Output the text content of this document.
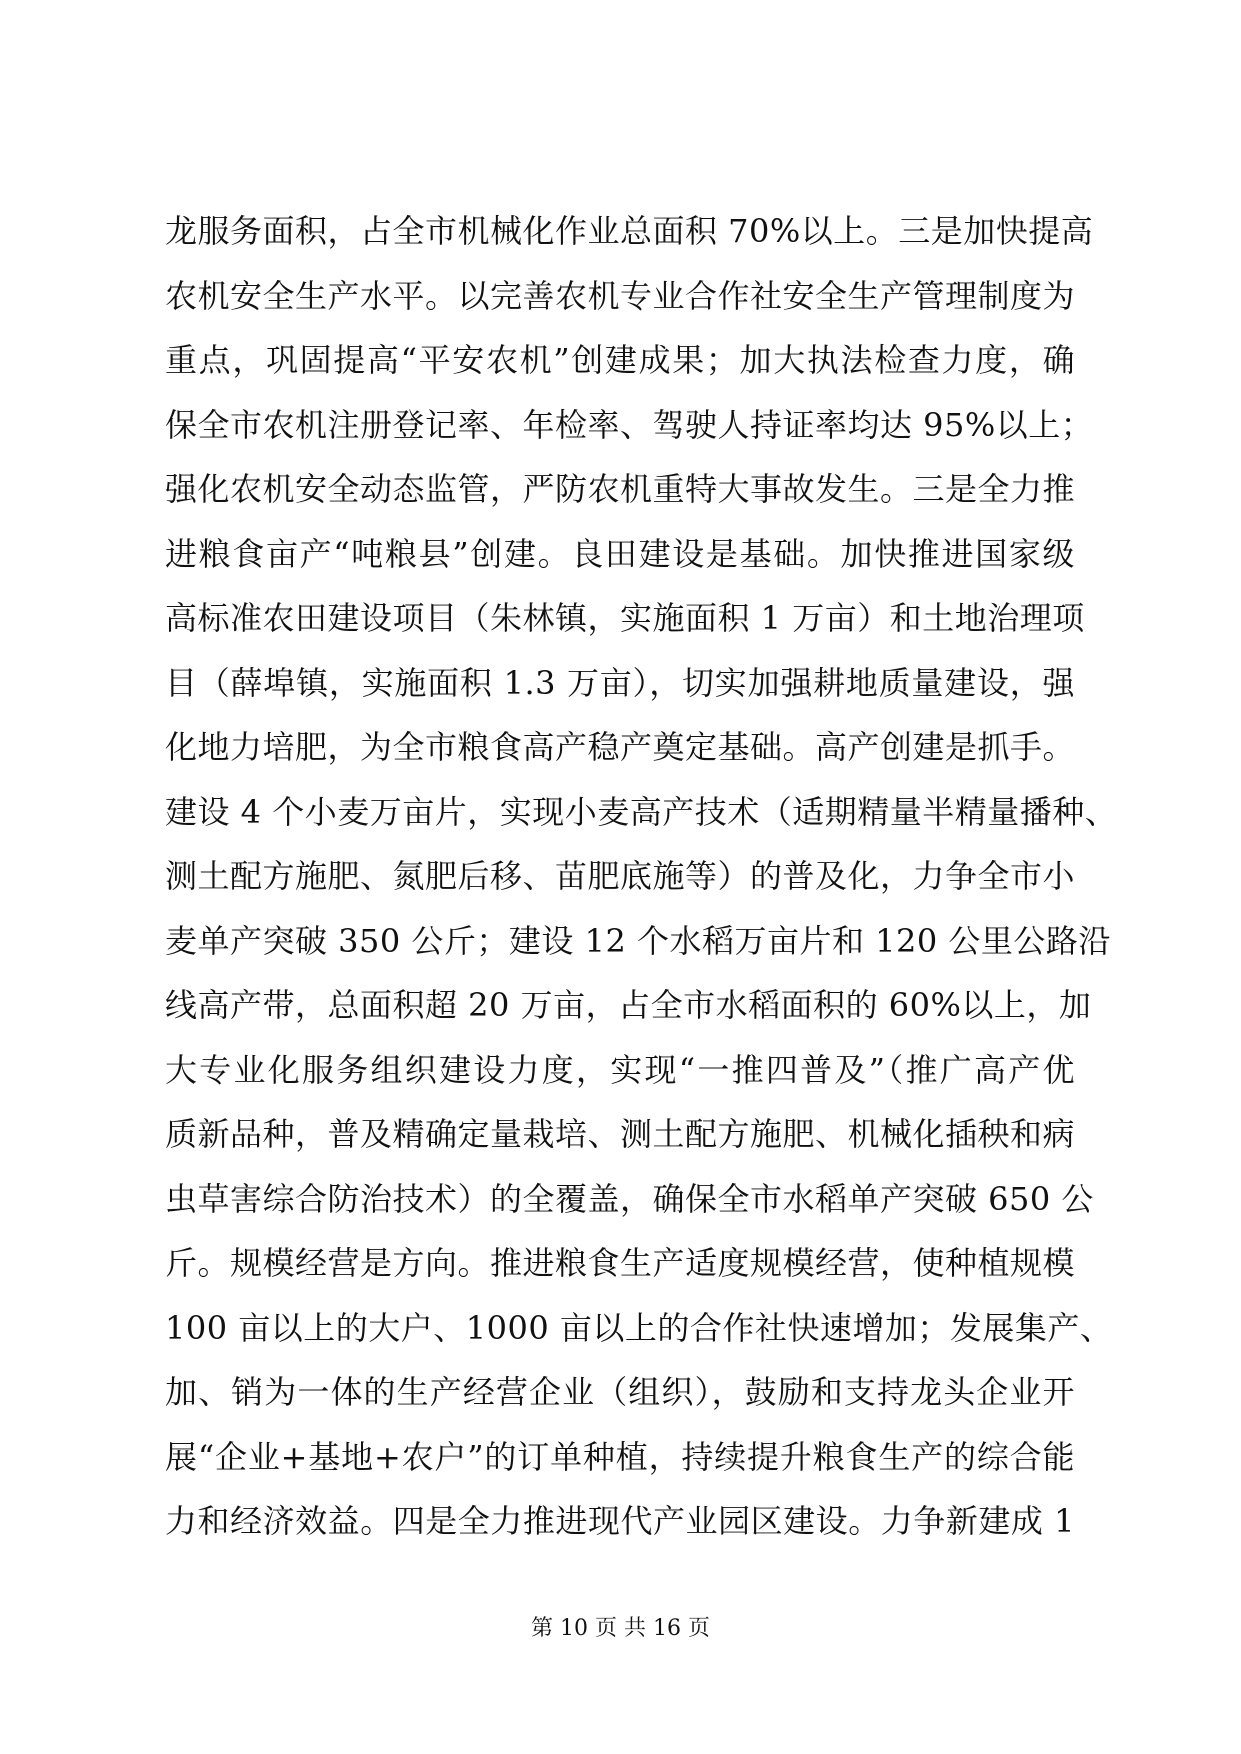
龙服务面积，占全市机械化作业总面积 70%以上。三是加快提高
农机安全生产水平。以完善农机专业合作社安全生产管理制度为
重点，巩固提高“平安农机”创建成果；加大执法检查力度，确
保全市农机注册登记率、年检率、驾驶人持证率均达 95%以上；
强化农机安全动态监管，严防农机重特大事故发生。三是全力推
进粮食亩产“吨粮县”创建。良田建设是基础。加快推进国家级
高标准农田建设项目（朱林镇，实施面积 1 万亩）和土地治理项
目（薛埠镇，实施面积 1.3 万亩），切实加强耕地质量建设，强
化地力培肥，为全市粮食高产稳产奠定基础。高产创建是抓手。
建设 4 个小麦万亩片，实现小麦高产技术（适期精量半精量播种、
测土配方施肥、氮肥后移、苗肥底施等）的普及化，力争全市小
麦单产突破 350 公斤；建设 12 个水稻万亩片和 120 公里公路沿
线高产带，总面积超 20 万亩，占全市水稻面积的 60%以上，加
大专业化服务组织建设力度，实现“一推四普及”（推广高产优
质新品种，普及精确定量栽培、测土配方施肥、机械化插秧和病
虫草害综合防治技术）的全覆盖，确保全市水稻单产突破 650 公
斤。规模经营是方向。推进粮食生产适度规模经营，使种植规模
100 亩以上的大户、1000 亩以上的合作社快速增加；发展集产、
加、销为一体的生产经营企业（组织），鼓励和支持龙头企业开
展“企业+基地+农户”的订单种植，持续提升粮食生产的综合能
力和经济效益。四是全力推进现代产业园区建设。力争新建成 1
第 10 页 共 16 页
